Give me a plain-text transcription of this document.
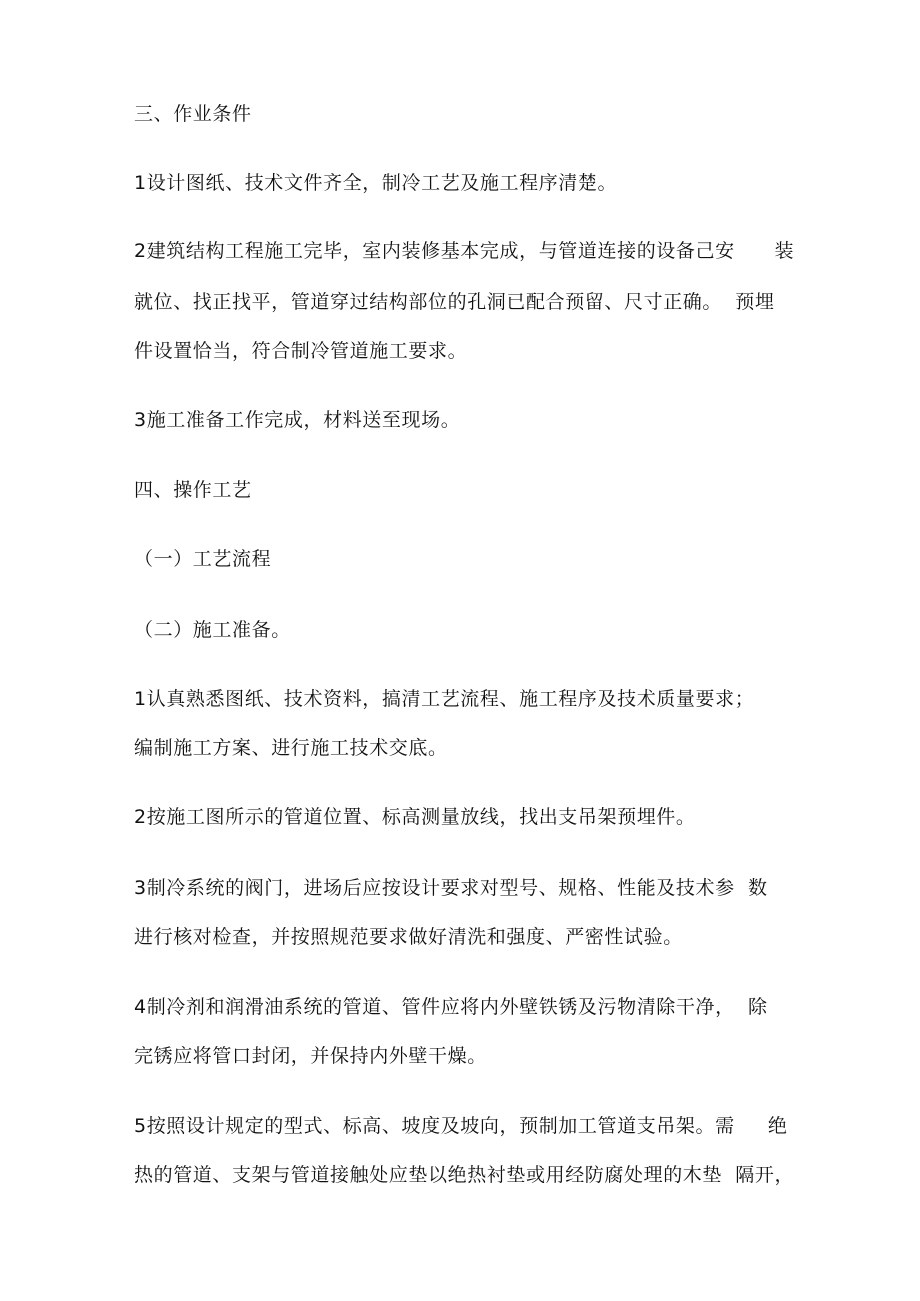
三、作业条件
1设计图纸、技术文件齐全，制冷工艺及施工程序清楚。
2建筑结构工程施工完毕，室内装修基本完成，与管道连接的设备己安      装
就位、找正找平，管道穿过结构部位的孔洞已配合预留、尺寸正确。  预埋
件设置恰当，符合制冷管道施工要求。
3施工准备工作完成，材料送至现场。
四、操作工艺
（一）工艺流程
（二）施工准备。
1认真熟悉图纸、技术资料，搞清工艺流程、施工程序及技术质量要求；
编制施工方案、进行施工技术交底。
2按施工图所示的管道位置、标高测量放线，找出支吊架预埋件。
3制冷系统的阀门，进场后应按设计要求对型号、规格、性能及技术参  数
进行核对检查，并按照规范要求做好清洗和强度、严密性试验。
4制冷剂和润滑油系统的管道、管件应将内外壁铁锈及污物清除干净，  除
完锈应将管口封闭，并保持内外壁干燥。
5按照设计规定的型式、标高、坡度及坡向，预制加工管道支吊架。需     绝
热的管道、支架与管道接触处应垫以绝热衬垫或用经防腐处理的木垫  隔开，
